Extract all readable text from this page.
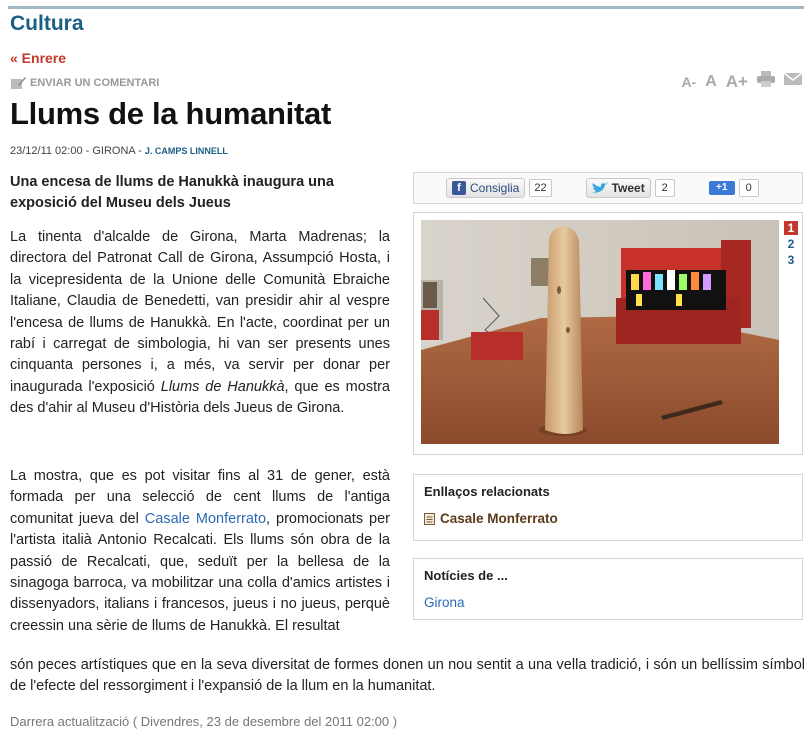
Cultura
« Enrere
ENVIAR UN COMENTARI	A- A A+
Llums de la humanitat
23/12/11 02:00 - GIRONA - J. CAMPS LINNELL
Una encesa de llums de Hanukkà inaugura una exposició del Museu dels Jueus

La tinenta d'alcalde de Girona, Marta Madrenas; la directora del Patronat Call de Girona, Assumpció Hosta, i la vicepresidenta de la Unione delle Comunità Ebraiche Italiane, Claudia de Benedetti, van presidir ahir al vespre l'encesa de llums de Hanukkà. En l'acte, coordinat per un rabí i carregat de simbologia, hi van ser presents unes cinquanta persones i, a més, va servir per donar per inaugurada l'exposició Llums de Hanukkà, que es mostra des d'ahir al Museu d'Història dels Jueus de Girona.

La mostra, que es pot visitar fins al 31 de gener, està formada per una selecció de cent llums de l'antiga comunitat jueva del Casale Monferrato, promocionats per l'artista italià Antonio Recalcati. Els llums són obra de la passió de Recalcati, que, seduït per la bellesa de la sinagoga barroca, va mobilitzar una colla d'amics artistes i dissenyadors, italians i francesos, jueus i no jueus, perquè creessin una sèrie de llums de Hanukkà. El resultat

són peces artístiques que en la seva diversitat de formes donen un nou sentit a una vella tradició, i són un bellíssim símbol de l'efecte del ressorgiment i l'expansió de la llum en la humanitat.

Darrera actualització ( Divendres, 23 de desembre del 2011 02:00 )
f Consiglia	22	Tweet	2	+1	0
1
2
3
Enllaços relacionats
Casale Monferrato
Notícies de ...
Girona
